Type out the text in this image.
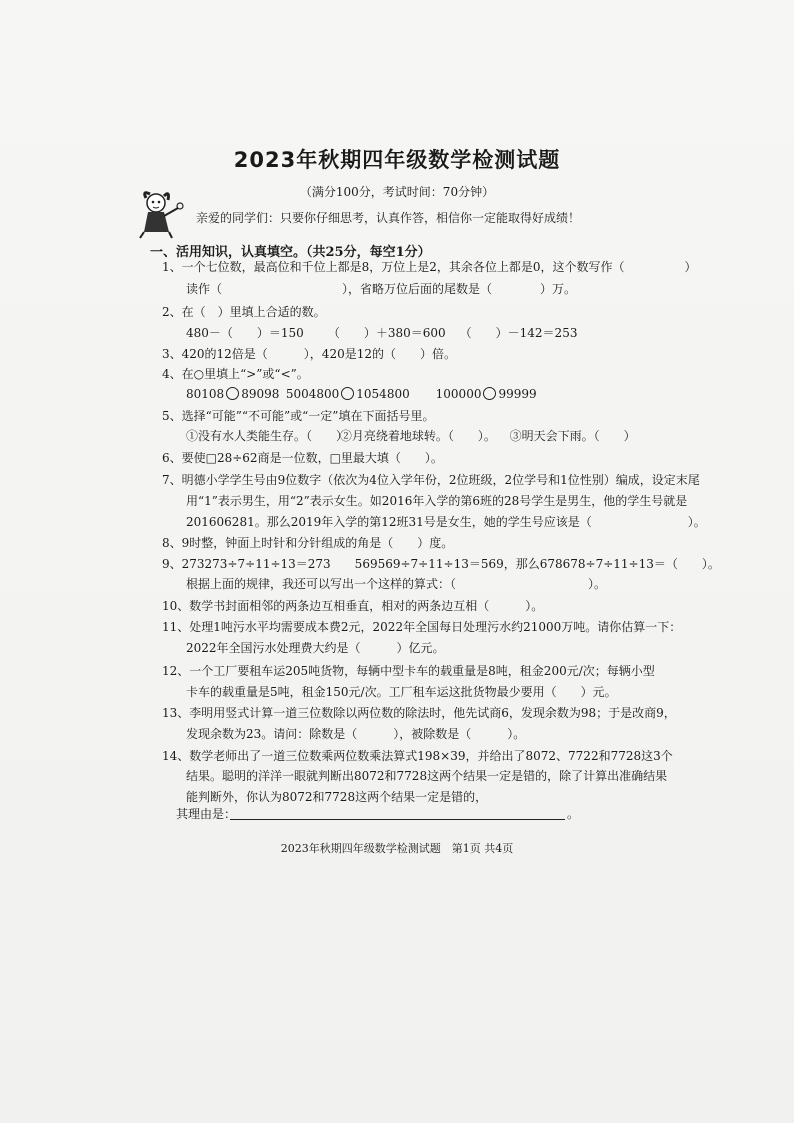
2023年秋期四年级数学检测试题
（满分100分，考试时间：70分钟）
亲爱的同学们：只要你仔细思考，认真作答，相信你一定能取得好成绩！
一、活用知识，认真填空。（共25分，每空1分）
1、一个七位数，最高位和千位上都是8，万位上是2，其余各位上都是0，这个数写作（　　　　　）
读作（　　　　　　　　　　），省略万位后面的尾数是（　　　　）万。
2、在（　）里填上合适的数。
480－（　　）＝150 （　　）＋380＝600 （　　）－142＝253
3、420的12倍是（　　　），420是12的（　　）倍。
4、在○里填上“>”或“<”。
80108 89098 5004800 1054800 100000 99999
5、选择“可能”“不可能”或“一定”填在下面括号里。
①没有水人类能生存。（　　） ②月亮绕着地球转。（　　）。 ③明天会下雨。（　　）
6、要使□28÷62商是一位数，□里最大填（　　）。
7、明德小学学生号由9位数字（依次为4位入学年份，2位班级，2位学号和1位性别）编成，设定末尾
用“1”表示男生，用“2”表示女生。如2016年入学的第6班的28号学生是男生，他的学生号就是
201606281。那么2019年入学的第12班31号是女生，她的学生号应该是（　　　　　　　　）。
8、9时整，钟面上时针和分针组成的角是（　　）度。
9、273273÷7÷11÷13＝273　　569569÷7÷11÷13＝569，那么678678÷7÷11÷13＝（　　）。
根据上面的规律，我还可以写出一个这样的算式：（　　　　　　　　　　　）。
10、数学书封面相邻的两条边互相垂直，相对的两条边互相（　　　）。
11、处理1吨污水平均需要成本费2元，2022年全国每日处理污水约21000万吨。请你估算一下：
2022年全国污水处理费大约是（　　　）亿元。
12、一个工厂要租车运205吨货物，每辆中型卡车的载重量是8吨，租金200元/次；每辆小型
卡车的载重量是5吨，租金150元/次。工厂租车运这批货物最少要用（　　）元。
13、李明用竖式计算一道三位数除以两位数的除法时，他先试商6，发现余数为98；于是改商9，
发现余数为23。请问：除数是（　　　），被除数是（　　　）。
14、数学老师出了一道三位数乘两位数乘法算式198×39，并给出了8072、7722和7728这3个
结果。聪明的洋洋一眼就判断出8072和7728这两个结果一定是错的，除了计算出准确结果
能判断外，你认为8072和7728这两个结果一定是错的，
其理由是：	。
2023年秋期四年级数学检测试题　第1页 共4页
